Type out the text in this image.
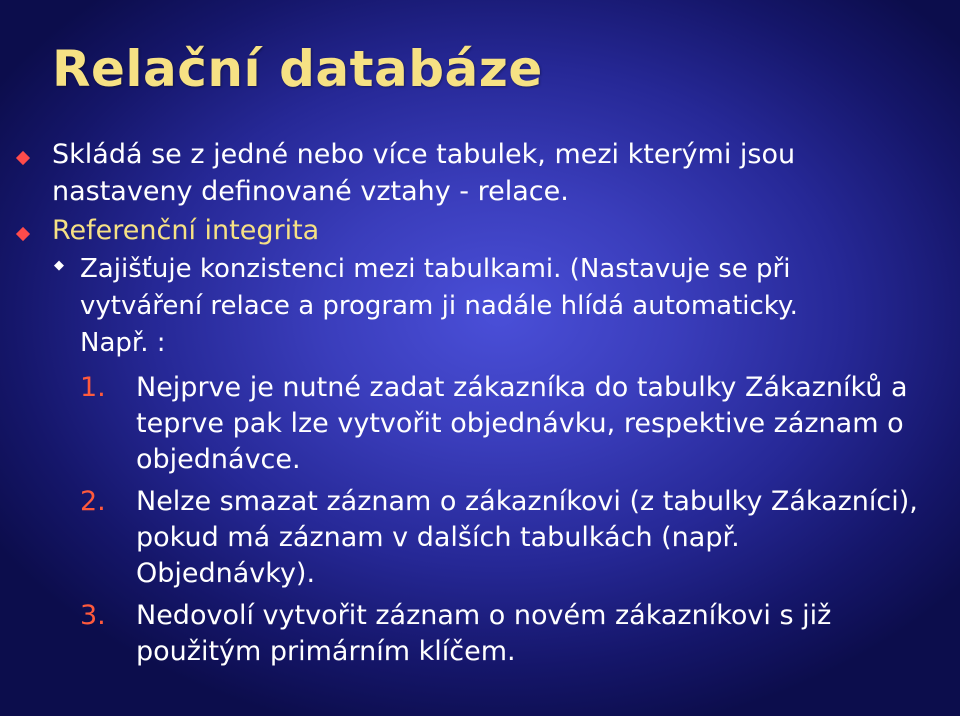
Relační databáze
Skládá se z jedné nebo více tabulek, mezi kterými jsou nastaveny definované vztahy - relace.
Referenční integrita
◆ Zajišťuje konzistenci mezi tabulkami. (Nastavuje se při vytváření relace a program ji nadále hlídá automaticky.
Např. :
1. Nejprve je nutné zadat zákazníka do tabulky Zákazníků a teprve pak lze vytvořit objednávku, respektive záznam o objednávce.
2. Nelze smazat záznam o zákazníkovi (z tabulky Zákazníci), pokud má záznam v dalších tabulkách (např. Objednávky).
3. Nedovolí vytvořit záznam o novém zákazníkovi s již použitým primárním klíčem.
